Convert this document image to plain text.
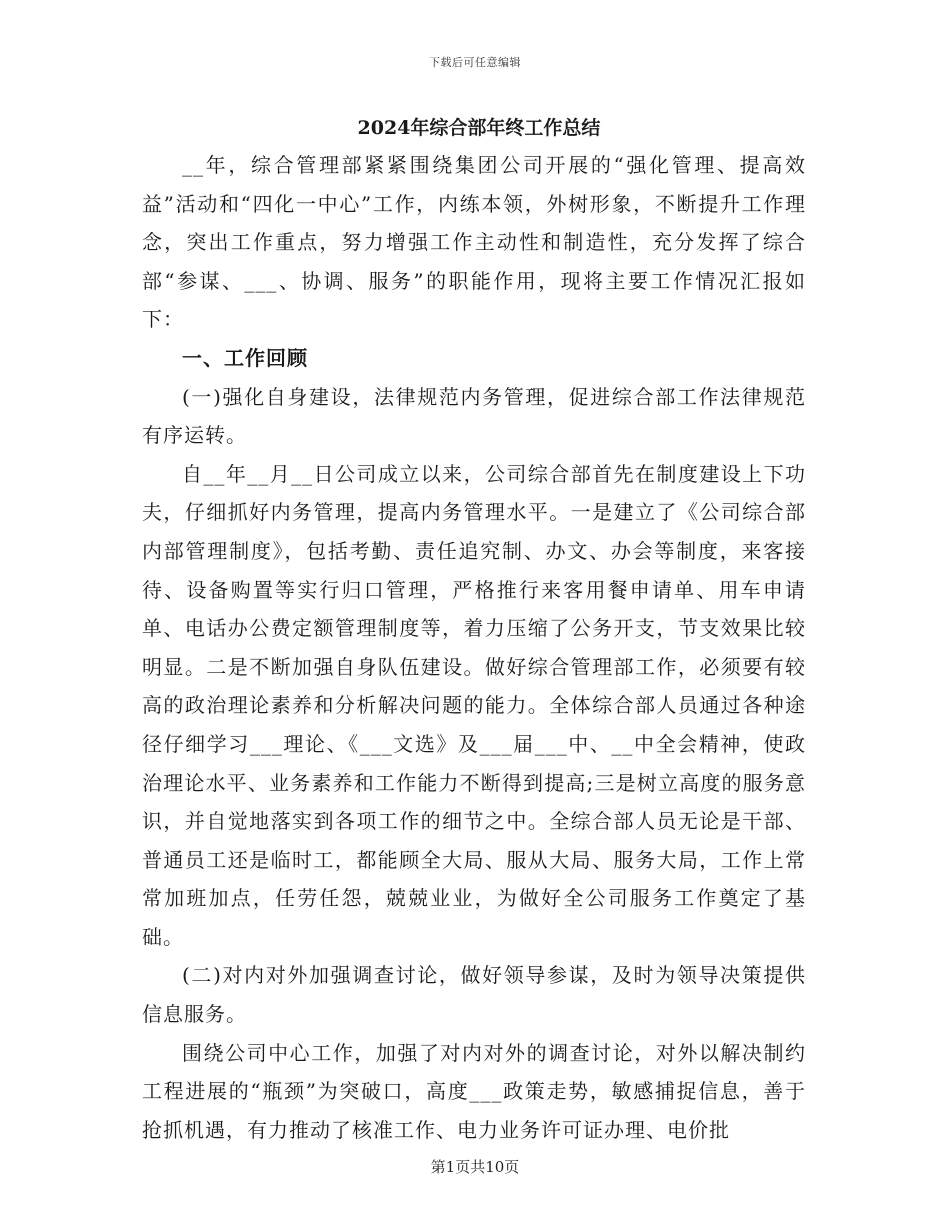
下载后可任意编辑
2024年综合部年终工作总结

__年，综合管理部紧紧围绕集团公司开展的“强化管理、提高效益”活动和“四化一中心”工作，内练本领，外树形象，不断提升工作理念，突出工作重点，努力增强工作主动性和制造性，充分发挥了综合部“参谋、___、协调、服务”的职能作用，现将主要工作情况汇报如下：

一、工作回顾

(一)强化自身建设，法律规范内务管理，促进综合部工作法律规范有序运转。

自__年__月__日公司成立以来，公司综合部首先在制度建设上下功夫，仔细抓好内务管理，提高内务管理水平。一是建立了《公司综合部内部管理制度》，包括考勤、责任追究制、办文、办会等制度，来客接待、设备购置等实行归口管理，严格推行来客用餐申请单、用车申请单、电话办公费定额管理制度等，着力压缩了公务开支，节支效果比较明显。二是不断加强自身队伍建设。做好综合管理部工作，必须要有较高的政治理论素养和分析解决问题的能力。全体综合部人员通过各种途径仔细学习___理论、《___文选》及___届___中、__中全会精神，使政治理论水平、业务素养和工作能力不断得到提高;三是树立高度的服务意识，并自觉地落实到各项工作的细节之中。全综合部人员无论是干部、普通员工还是临时工，都能顾全大局、服从大局、服务大局，工作上常常加班加点，任劳任怨，兢兢业业，为做好全公司服务工作奠定了基础。

(二)对内对外加强调查讨论，做好领导参谋，及时为领导决策提供信息服务。

围绕公司中心工作，加强了对内对外的调查讨论，对外以解决制约工程进展的“瓶颈”为突破口，高度___政策走势，敏感捕捉信息，善于抢抓机遇，有力推动了核准工作、电力业务许可证办理、电价批

第1页共10页
